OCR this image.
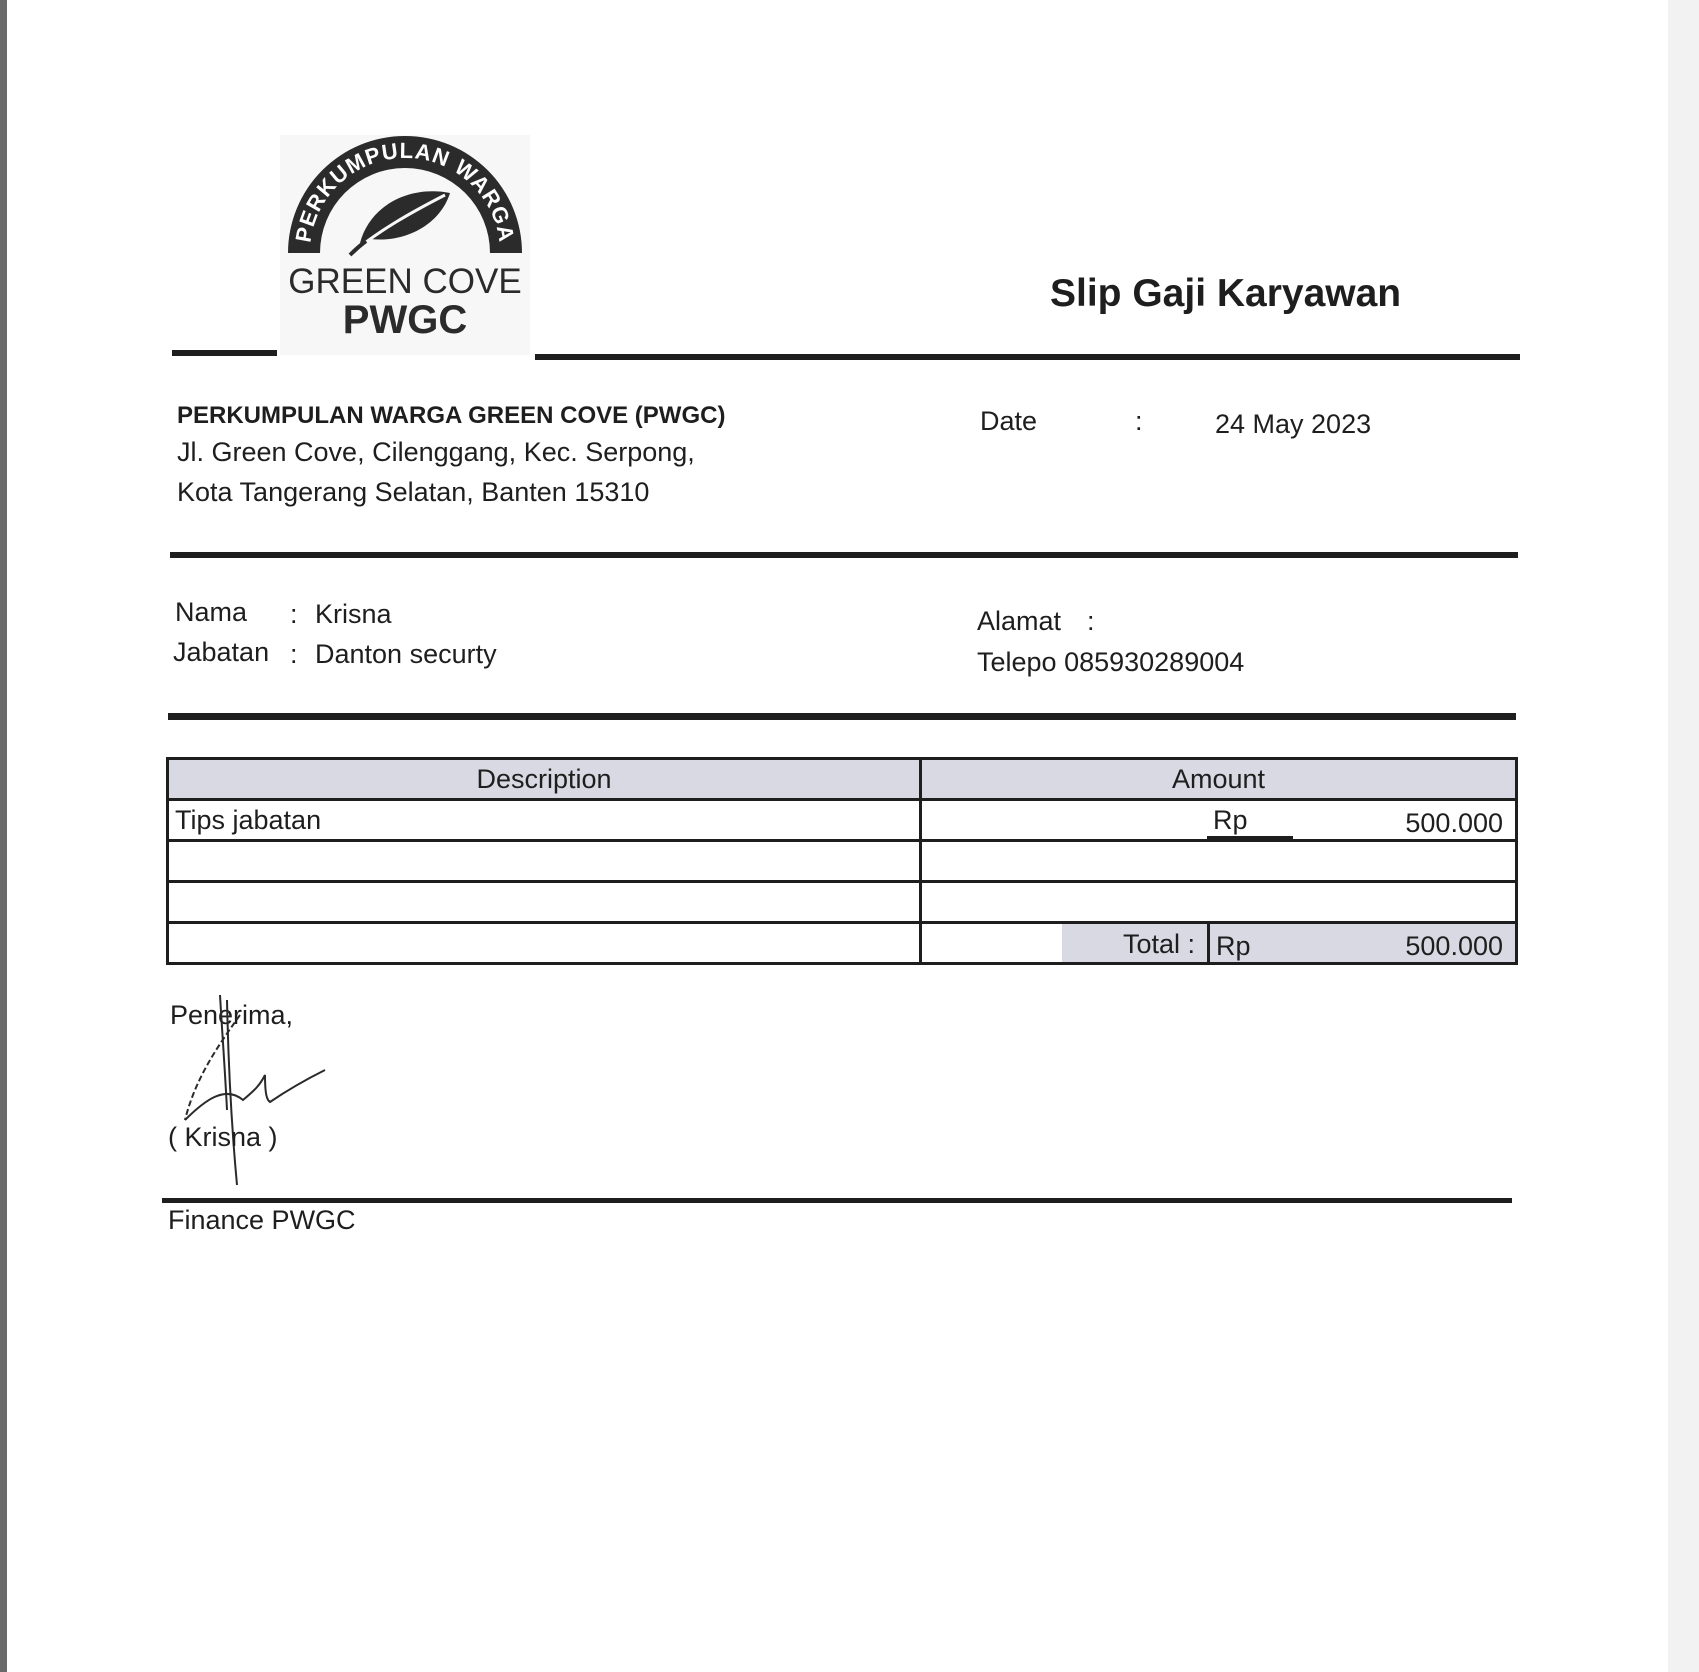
PERKUMPULAN WARGA
GREEN COVE
PWGC
Slip Gaji Karyawan
PERKUMPULAN WARGA GREEN COVE (PWGC)
Jl. Green Cove, Cilenggang, Kec. Serpong,
Kota Tangerang Selatan, Banten 15310
Date	:	24 May 2023
Nama : Krisna
Jabatan : Danton securty
Alamat :
Telepo 085930289004
Description	Amount
Tips jabatan	Rp 500.000

	Total : Rp 500.000
Penerima,
( Krisna )
Finance PWGC
